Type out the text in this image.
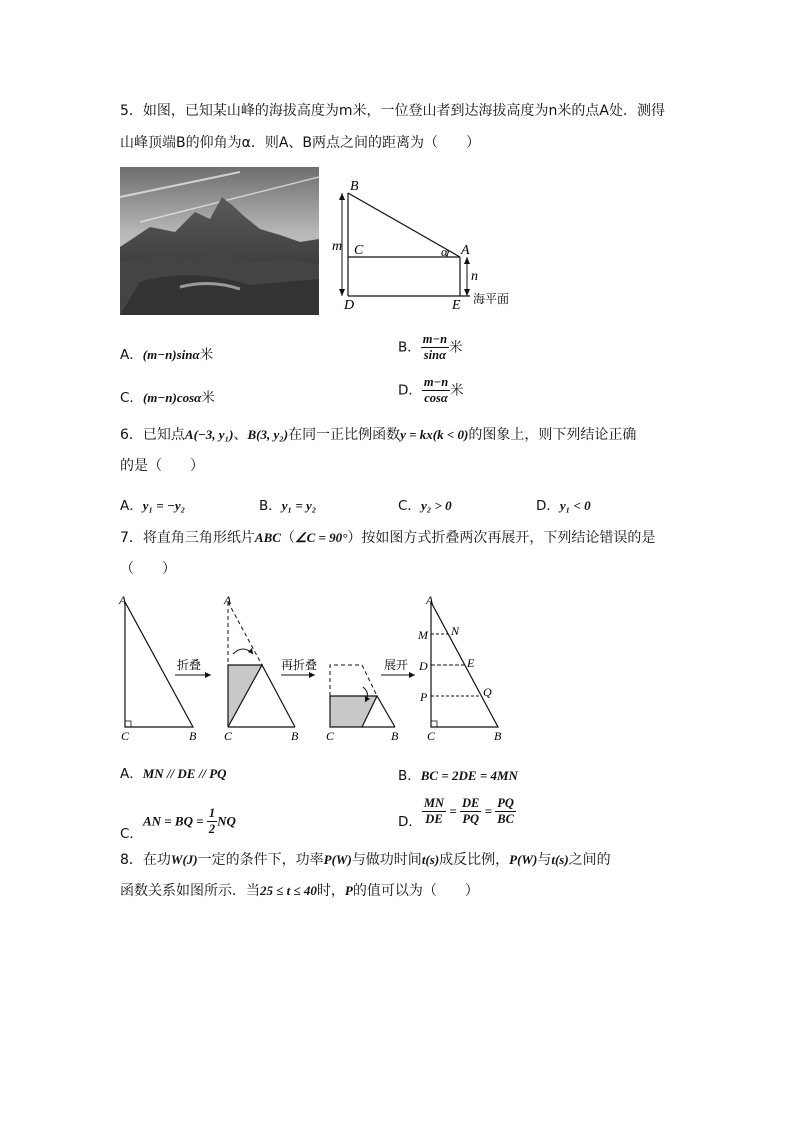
5．如图，已知某山峰的海拔高度为m米，一位登山者到达海拔高度为n米的点A处．测得
山峰顶端B的仰角为α．则A、B两点之间的距离为（　　）
B
m C	α A
n
D	E 海平面
A．(m−n)sinα米	B． $\frac{m-n}{\sin\alpha}$ 米
C．(m−n)cosα米	D． $\frac{m-n}{\cos\alpha}$ 米
6．已知点A(−3, y₁)、B(3, y₂)在同一正比例函数y = kx(k < 0)的图象上，则下列结论正确
的是（　　）
A．y₁ = −y₂	B．y₁ = y₂	C．y₂ > 0	D．y₁ < 0
7．将直角三角形纸片ABC（∠C = 90°）按如图方式折叠两次再展开，下列结论错误的是
（　　）
A
C	B
折叠
A
C	B
再折叠
C	B
展开
A
M N
D	E
P	Q
C	B
A．MN // DE // PQ	B．BC = 2DE = 4MN
C．AN = BQ = $\frac{1}{2}$ NQ	D． $\frac{MN}{DE} = \frac{DE}{PQ} = \frac{PQ}{BC}$
8．在功W(J)一定的条件下，功率P(W)与做功时间t(s)成反比例，P(W)与t(s)之间的
函数关系如图所示．当25 ≤ t ≤ 40时，P的值可以为（　　）
